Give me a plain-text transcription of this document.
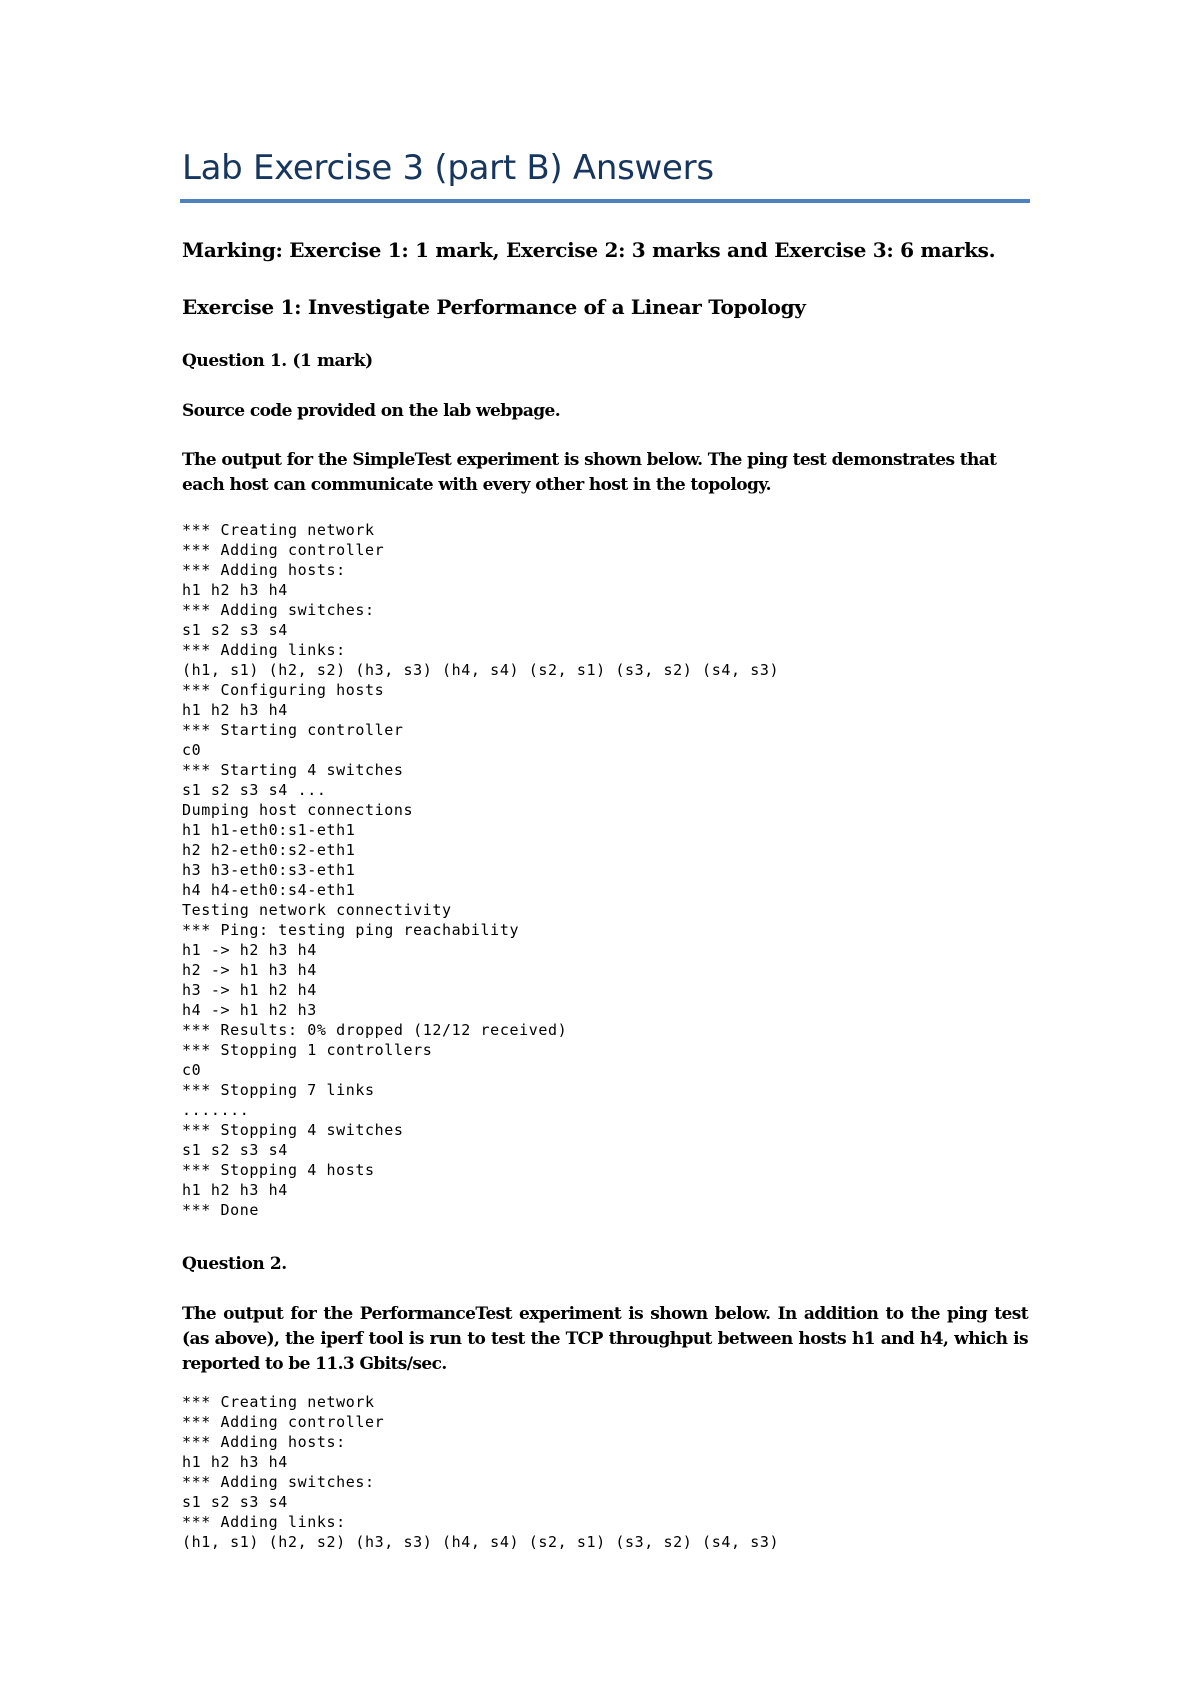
Lab Exercise 3 (part B) Answers

Marking: Exercise 1: 1 mark, Exercise 2: 3 marks and Exercise 3: 6 marks.

Exercise 1: Investigate Performance of a Linear Topology

Question 1. (1 mark)

Source code provided on the lab webpage.

The output for the SimpleTest experiment is shown below. The ping test demonstrates that each host can communicate with every other host in the topology.

*** Creating network
*** Adding controller
*** Adding hosts:
h1 h2 h3 h4
*** Adding switches:
s1 s2 s3 s4
*** Adding links:
(h1, s1) (h2, s2) (h3, s3) (h4, s4) (s2, s1) (s3, s2) (s4, s3)
*** Configuring hosts
h1 h2 h3 h4
*** Starting controller
c0
*** Starting 4 switches
s1 s2 s3 s4 ...
Dumping host connections
h1 h1-eth0:s1-eth1
h2 h2-eth0:s2-eth1
h3 h3-eth0:s3-eth1
h4 h4-eth0:s4-eth1
Testing network connectivity
*** Ping: testing ping reachability
h1 -> h2 h3 h4
h2 -> h1 h3 h4
h3 -> h1 h2 h4
h4 -> h1 h2 h3
*** Results: 0% dropped (12/12 received)
*** Stopping 1 controllers
c0
*** Stopping 7 links
.......
*** Stopping 4 switches
s1 s2 s3 s4
*** Stopping 4 hosts
h1 h2 h3 h4
*** Done

Question 2.

The output for the PerformanceTest experiment is shown below. In addition to the ping test (as above), the iperf tool is run to test the TCP throughput between hosts h1 and h4, which is reported to be 11.3 Gbits/sec.

*** Creating network
*** Adding controller
*** Adding hosts:
h1 h2 h3 h4
*** Adding switches:
s1 s2 s3 s4
*** Adding links:
(h1, s1) (h2, s2) (h3, s3) (h4, s4) (s2, s1) (s3, s2) (s4, s3)
